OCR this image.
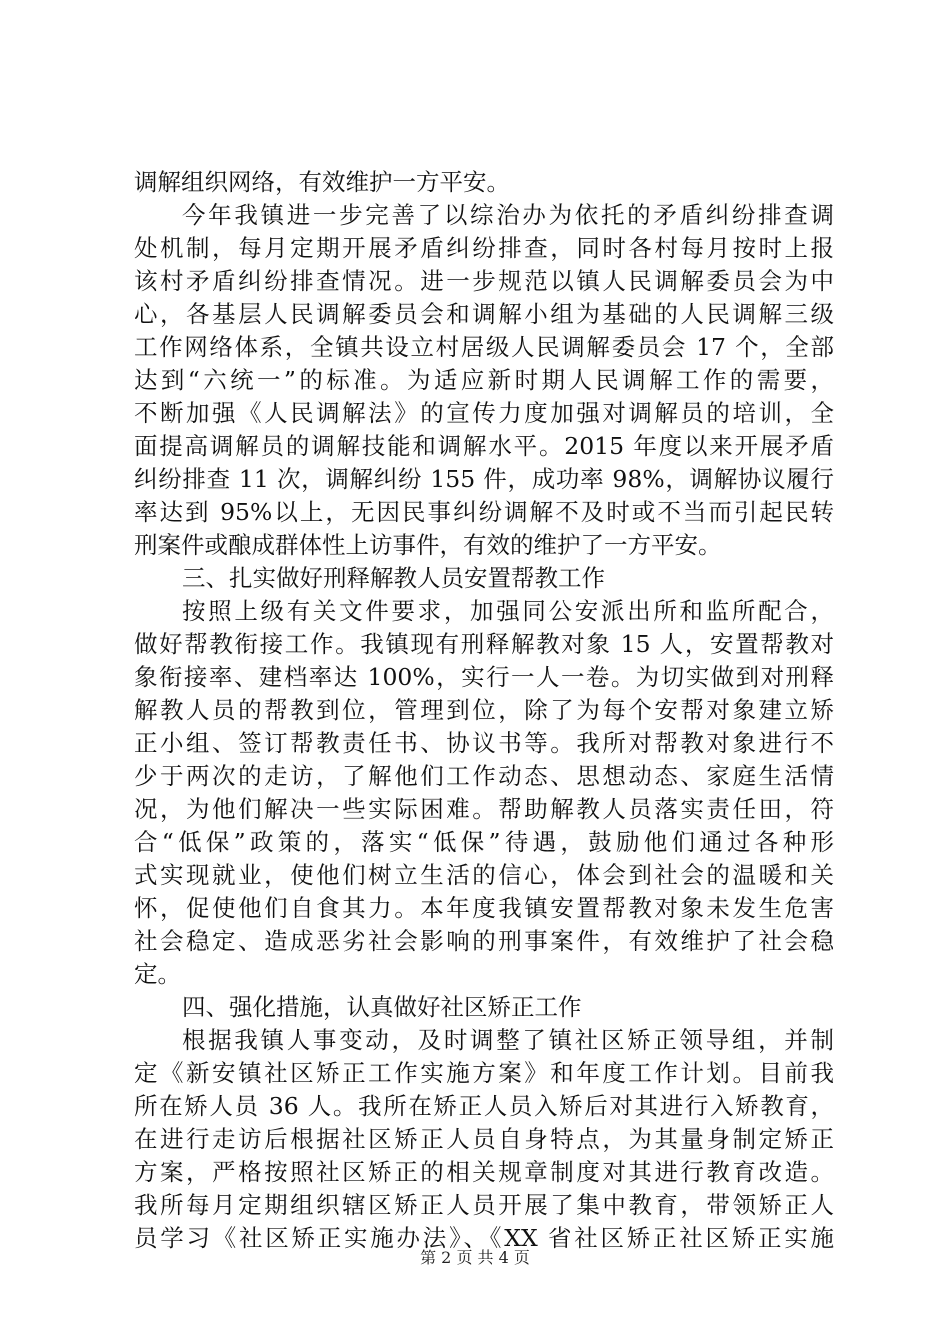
调解组织网络，有效维护一方平安。
今年我镇进一步完善了以综治办为依托的矛盾纠纷排查调
处机制，每月定期开展矛盾纠纷排查，同时各村每月按时上报
该村矛盾纠纷排查情况。进一步规范以镇人民调解委员会为中
心，各基层人民调解委员会和调解小组为基础的人民调解三级
工作网络体系，全镇共设立村居级人民调解委员会 17 个，全部
达到“六统一”的标准。为适应新时期人民调解工作的需要，
不断加强《人民调解法》的宣传力度加强对调解员的培训，全
面提高调解员的调解技能和调解水平。2015 年度以来开展矛盾
纠纷排查 11 次，调解纠纷 155 件，成功率 98%，调解协议履行
率达到 95%以上，无因民事纠纷调解不及时或不当而引起民转
刑案件或酿成群体性上访事件，有效的维护了一方平安。
三、扎实做好刑释解教人员安置帮教工作
按照上级有关文件要求，加强同公安派出所和监所配合，
做好帮教衔接工作。我镇现有刑释解教对象 15 人，安置帮教对
象衔接率、建档率达 100%，实行一人一卷。为切实做到对刑释
解教人员的帮教到位，管理到位，除了为每个安帮对象建立矫
正小组、签订帮教责任书、协议书等。我所对帮教对象进行不
少于两次的走访，了解他们工作动态、思想动态、家庭生活情
况，为他们解决一些实际困难。帮助解教人员落实责任田，符
合“低保”政策的，落实“低保”待遇，鼓励他们通过各种形
式实现就业，使他们树立生活的信心，体会到社会的温暖和关
怀，促使他们自食其力。本年度我镇安置帮教对象未发生危害
社会稳定、造成恶劣社会影响的刑事案件，有效维护了社会稳
定。
四、强化措施，认真做好社区矫正工作
根据我镇人事变动，及时调整了镇社区矫正领导组，并制
定《新安镇社区矫正工作实施方案》和年度工作计划。目前我
所在矫人员 36 人。我所在矫正人员入矫后对其进行入矫教育，
在进行走访后根据社区矫正人员自身特点，为其量身制定矫正
方案，严格按照社区矫正的相关规章制度对其进行教育改造。
我所每月定期组织辖区矫正人员开展了集中教育，带领矫正人
员学习《社区矫正实施办法》、《XX 省社区矫正社区矫正实施
第 2 页 共 4 页
